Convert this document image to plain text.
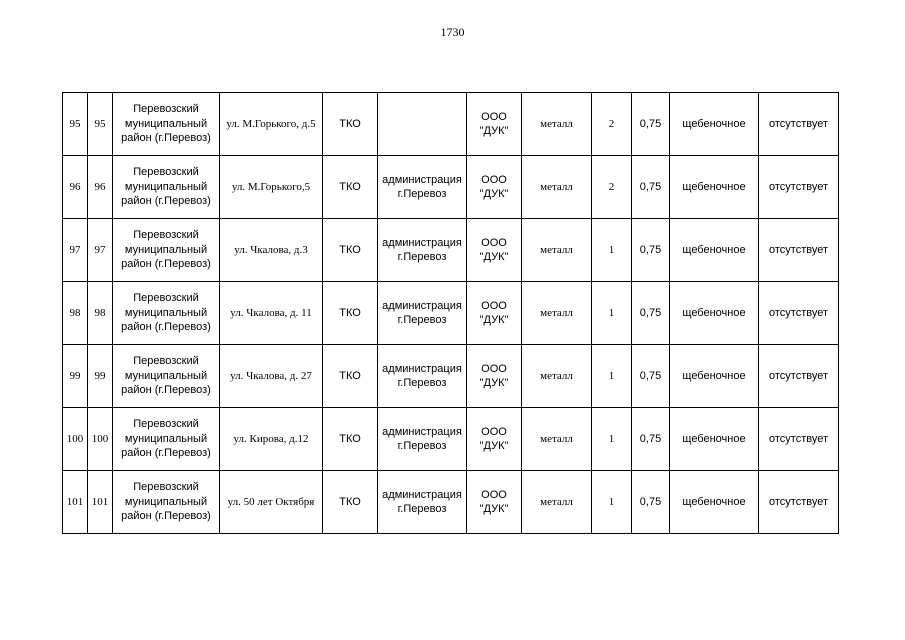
1730
95	95	Перевозский муниципальный район (г.Перевоз)	ул. М.Горького, д.5	ТКО		ООО "ДУК"	металл	2	0,75	щебеночное	отсутствует
96	96	Перевозский муниципальный район (г.Перевоз)	ул. М.Горького,5	ТКО	администрация г.Перевоз	ООО "ДУК"	металл	2	0,75	щебеночное	отсутствует
97	97	Перевозский муниципальный район (г.Перевоз)	ул. Чкалова, д.3	ТКО	администрация г.Перевоз	ООО "ДУК"	металл	1	0,75	щебеночное	отсутствует
98	98	Перевозский муниципальный район (г.Перевоз)	ул. Чкалова, д. 11	ТКО	администрация г.Перевоз	ООО "ДУК"	металл	1	0,75	щебеночное	отсутствует
99	99	Перевозский муниципальный район (г.Перевоз)	ул. Чкалова, д. 27	ТКО	администрация г.Перевоз	ООО "ДУК"	металл	1	0,75	щебеночное	отсутствует
100	100	Перевозский муниципальный район (г.Перевоз)	ул. Кирова, д.12	ТКО	администрация г.Перевоз	ООО "ДУК"	металл	1	0,75	щебеночное	отсутствует
101	101	Перевозский муниципальный район (г.Перевоз)	ул. 50 лет Октября	ТКО	администрация г.Перевоз	ООО "ДУК"	металл	1	0,75	щебеночное	отсутствует
